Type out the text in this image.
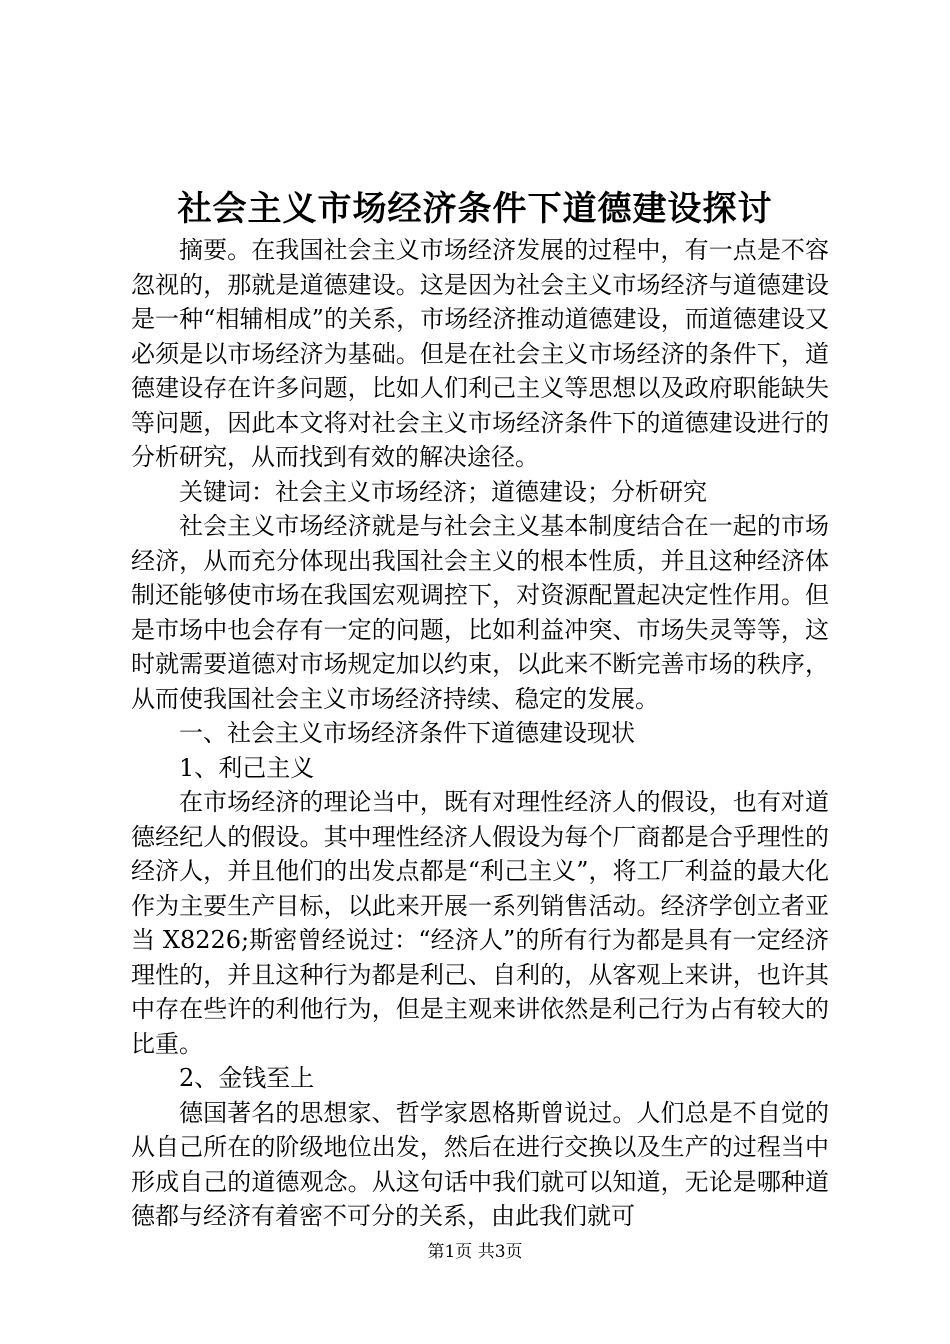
社会主义市场经济条件下道德建设探讨

摘要。在我国社会主义市场经济发展的过程中，有一点是不容忽视的，那就是道德建设。这是因为社会主义市场经济与道德建设是一种“相辅相成”的关系，市场经济推动道德建设，而道德建设又必须是以市场经济为基础。但是在社会主义市场经济的条件下，道德建设存在许多问题，比如人们利己主义等思想以及政府职能缺失等问题，因此本文将对社会主义市场经济条件下的道德建设进行的分析研究，从而找到有效的解决途径。

关键词：社会主义市场经济；道德建设；分析研究

社会主义市场经济就是与社会主义基本制度结合在一起的市场经济，从而充分体现出我国社会主义的根本性质，并且这种经济体制还能够使市场在我国宏观调控下，对资源配置起决定性作用。但是市场中也会存有一定的问题，比如利益冲突、市场失灵等等，这时就需要道德对市场规定加以约束，以此来不断完善市场的秩序，从而使我国社会主义市场经济持续、稳定的发展。

一、社会主义市场经济条件下道德建设现状

1、利己主义

在市场经济的理论当中，既有对理性经济人的假设，也有对道德经纪人的假设。其中理性经济人假设为每个厂商都是合乎理性的经济人，并且他们的出发点都是“利己主义”，将工厂利益的最大化作为主要生产目标，以此来开展一系列销售活动。经济学创立者亚当 X8226;斯密曾经说过：“经济人”的所有行为都是具有一定经济理性的，并且这种行为都是利己、自利的，从客观上来讲，也许其中存在些许的利他行为，但是主观来讲依然是利己行为占有较大的比重。

2、金钱至上

德国著名的思想家、哲学家恩格斯曾说过。人们总是不自觉的从自己所在的阶级地位出发，然后在进行交换以及生产的过程当中形成自己的道德观念。从这句话中我们就可以知道，无论是哪种道德都与经济有着密不可分的关系，由此我们就可

第1页 共3页
